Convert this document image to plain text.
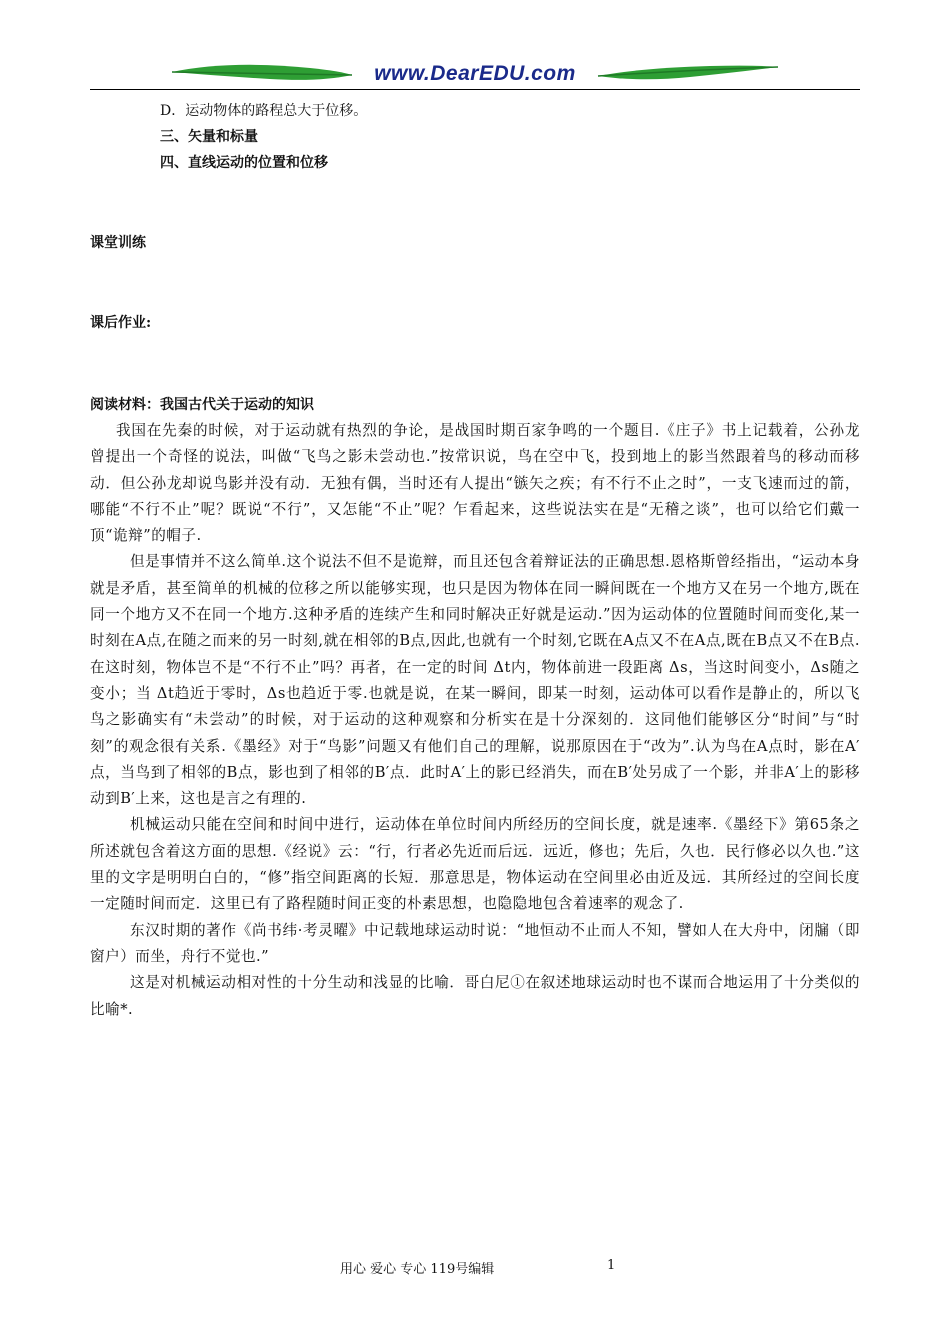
www.DearEDU.com
D．运动物体的路程总大于位移。
三、矢量和标量
四、直线运动的位置和位移
课堂训练
课后作业:
阅读材料：我国古代关于运动的知识

我国在先秦的时候，对于运动就有热烈的争论，是战国时期百家争鸣的一个题目.《庄子》书上记载着，公孙龙曾提出一个奇怪的说法，叫做“飞鸟之影未尝动也.”按常识说，鸟在空中飞，投到地上的影当然跟着鸟的移动而移动．但公孙龙却说鸟影并没有动．无独有偶，当时还有人提出“镞矢之疾；有不行不止之时”，一支飞速而过的箭，哪能“不行不止”呢？既说“不行”，又怎能“不止”呢？乍看起来，这些说法实在是“无稽之谈”，也可以给它们戴一顶“诡辩”的帽子.

但是事情并不这么简单.这个说法不但不是诡辩，而且还包含着辩证法的正确思想.恩格斯曾经指出，“运动本身就是矛盾，甚至简单的机械的位移之所以能够实现，也只是因为物体在同一瞬间既在一个地方又在另一个地方,既在同一个地方又不在同一个地方.这种矛盾的连续产生和同时解决正好就是运动.”因为运动体的位置随时间而变化,某一时刻在A点,在随之而来的另一时刻,就在相邻的B点,因此,也就有一个时刻,它既在A点又不在A点,既在B点又不在B点.在这时刻，物体岂不是“不行不止”吗？再者，在一定的时间 Δt内，物体前进一段距离 Δs，当这时间变小，Δs随之变小；当 Δt趋近于零时，Δs也趋近于零.也就是说，在某一瞬间，即某一时刻，运动体可以看作是静止的，所以飞鸟之影确实有“未尝动”的时候，对于运动的这种观察和分析实在是十分深刻的．这同他们能够区分“时间”与“时刻”的观念很有关系.《墨经》对于“鸟影”问题又有他们自己的理解，说那原因在于“改为”.认为鸟在A点时，影在A′点，当鸟到了相邻的B点，影也到了相邻的B′点．此时A′上的影已经消失，而在B′处另成了一个影，并非A′上的影移动到B′上来，这也是言之有理的.

机械运动只能在空间和时间中进行，运动体在单位时间内所经历的空间长度，就是速率.《墨经下》第65条之所述就包含着这方面的思想.《经说》云：“行，行者必先近而后远．远近，修也；先后，久也．民行修必以久也.”这里的文字是明明白白的，“修”指空间距离的长短．那意思是，物体运动在空间里必由近及远．其所经过的空间长度一定随时间而定．这里已有了路程随时间正变的朴素思想，也隐隐地包含着速率的观念了.

东汉时期的著作《尚书纬·考灵曜》中记载地球运动时说：“地恒动不止而人不知，譬如人在大舟中，闭牖（即窗户）而坐，舟行不觉也.”

这是对机械运动相对性的十分生动和浅显的比喻．哥白尼①在叙述地球运动时也不谋而合地运用了十分类似的比喻*.

用心 爱心 专心 119号编辑	1
